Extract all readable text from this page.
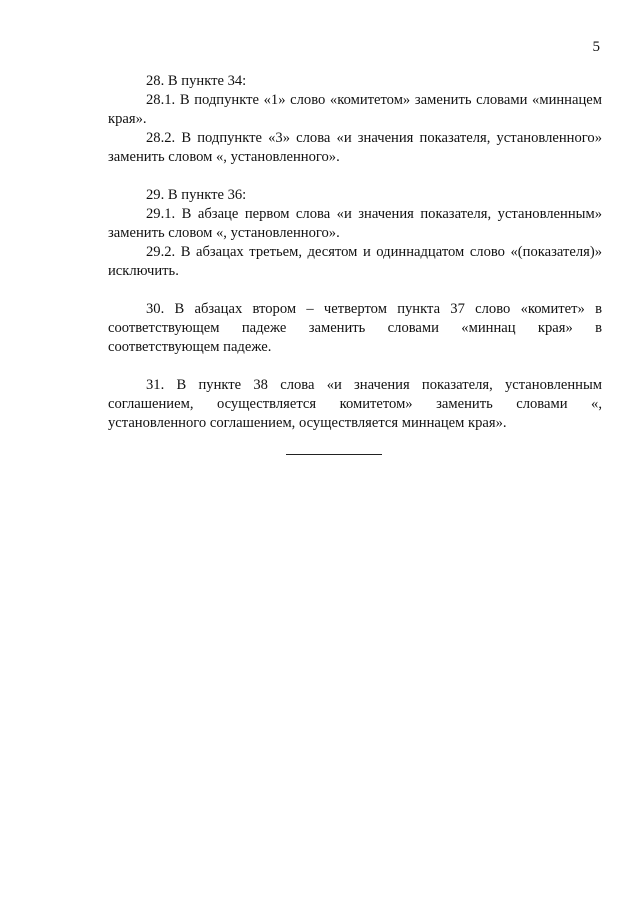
5

28. В пункте 34:

28.1. В подпункте «1» слово «комитетом» заменить словами «миннацем края».

28.2. В подпункте «3» слова «и значения показателя, установленного» заменить словом «, установленного».

29. В пункте 36:

29.1. В абзаце первом слова «и значения показателя, установленным» заменить словом «, установленного».

29.2. В абзацах третьем, десятом и одиннадцатом слово «(показателя)» исключить.

30. В абзацах втором – четвертом пункта 37 слово «комитет» в соответствующем падеже заменить словами «миннац края» в соответствующем падеже.

31. В пункте 38 слова «и значения показателя, установленным соглашением, осуществляется комитетом» заменить словами «, установленного соглашением, осуществляется миннацем края».
